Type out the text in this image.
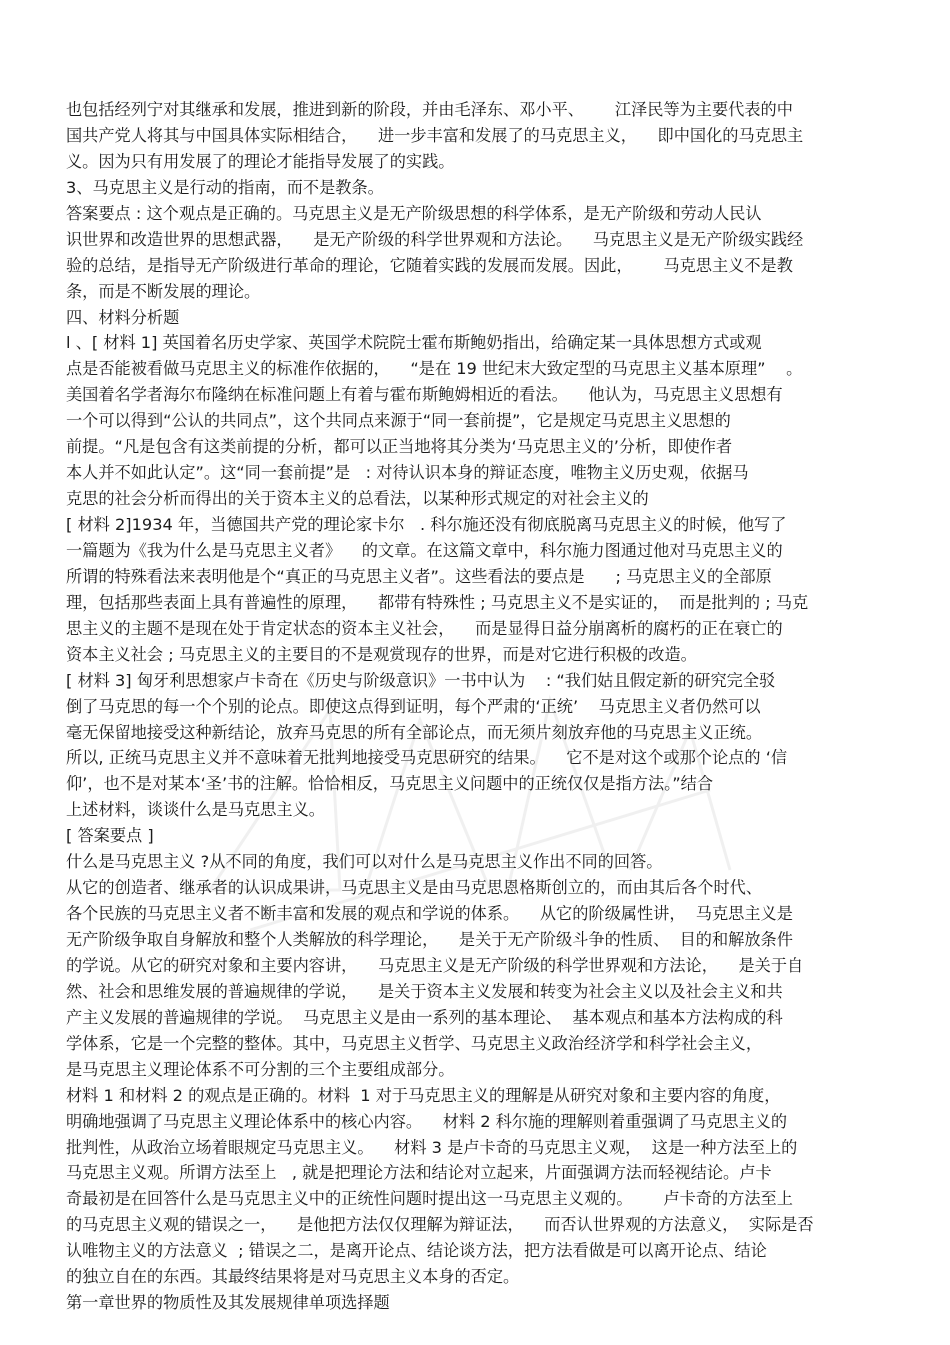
也包括经列宁对其继承和发展，推进到新的阶段，并由毛泽东、邓小平、      江泽民等为主要代表的中
国共产党人将其与中国具体实际相结合，    进一步丰富和发展了的马克思主义，    即中国化的马克思主
义。因为只有用发展了的理论才能指导发展了的实践。
3、马克思主义是行动的指南，而不是教条。
答案要点 : 这个观点是正确的。马克思主义是无产阶级思想的科学体系，是无产阶级和劳动人民认
识世界和改造世界的思想武器，    是无产阶级的科学世界观和方法论。    马克思主义是无产阶级实践经
验的总结，是指导无产阶级进行革命的理论，它随着实践的发展而发展。因此，      马克思主义不是教
条，而是不断发展的理论。
四、材料分析题
l 、[ 材料 1] 英国着名历史学家、英国学术院院士霍布斯鲍奶指出，给确定某一具体思想方式或观
点是否能被看做马克思主义的标准作依据的，    “是在 19 世纪末大致定型的马克思主义基本原理”    。
美国着名学者海尔布隆纳在标准问题上有着与霍布斯鲍姆相近的看法。    他认为，马克思主义思想有
一个可以得到“公认的共同点”，这个共同点来源于“同一套前提”，它是规定马克思主义思想的
前提。“凡是包含有这类前提的分析，都可以正当地将其分类为‘马克思主义的’分析，即使作者
本人并不如此认定”。这“同一套前提”是   : 对待认识本身的辩证态度，唯物主义历史观，依据马
克思的社会分析而得出的关于资本主义的总看法，以某种形式规定的对社会主义的
[ 材料 2]1934 年，当德国共产党的理论家卡尔   . 科尔施还没有彻底脱离马克思主义的时候，他写了
一篇题为《我为什么是马克思主义者》    的文章。在这篇文章中，科尔施力图通过他对马克思主义的
所谓的特殊看法来表明他是个“真正的马克思主义者”。这些看法的要点是      ; 马克思主义的全部原
理，包括那些表面上具有普遍性的原理，    都带有特殊性 ; 马克思主义不是实证的，  而是批判的 ; 马克
思主义的主题不是现在处于肯定状态的资本主义社会，    而是显得日益分崩离析的腐朽的正在衰亡的
资本主义社会 ; 马克思主义的主要目的不是观赏现存的世界，而是对它进行积极的改造。
[ 材料 3] 匈牙利思想家卢卡奇在《历史与阶级意识》一书中认为    : “我们姑且假定新的研究完全驳
倒了马克思的每一个个别的论点。即使这点得到证明，每个严肃的‘正统’    马克思主义者仍然可以
毫无保留地接受这种新结论，放弃马克思的所有全部论点，而无须片刻放弃他的马克思主义正统。
所以, 正统马克思主义并不意味着无批判地接受马克思研究的结果。    它不是对这个或那个论点的 ‘信
仰’，也不是对某本‘圣’书的注解。恰恰相反，马克思主义问题中的正统仅仅是指方法。”结合
上述材料，谈谈什么是马克思主义。
[ 答案要点 ]
什么是马克思主义 ?从不同的角度，我们可以对什么是马克思主义作出不同的回答。
从它的创造者、继承者的认识成果讲，马克思主义是由马克思恩格斯创立的，而由其后各个时代、
各个民族的马克思主义者不断丰富和发展的观点和学说的体系。    从它的阶级属性讲，  马克思主义是
无产阶级争取自身解放和整个人类解放的科学理论，    是关于无产阶级斗争的性质、  目的和解放条件
的学说。从它的研究对象和主要内容讲，    马克思主义是无产阶级的科学世界观和方法论，    是关于自
然、社会和思维发展的普遍规律的学说，    是关于资本主义发展和转变为社会主义以及社会主义和共
产主义发展的普遍规律的学说。  马克思主义是由一系列的基本理论、  基本观点和基本方法构成的科
学体系，它是一个完整的整体。其中，马克思主义哲学、马克思主义政治经济学和科学社会主义，
是马克思主义理论体系不可分割的三个主要组成部分。
材料 1 和材料 2 的观点是正确的。材料  1 对于马克思主义的理解是从研究对象和主要内容的角度，
明确地强调了马克思主义理论体系中的核心内容。    材料 2 科尔施的理解则着重强调了马克思主义的
批判性，从政治立场着眼规定马克思主义。    材料 3 是卢卡奇的马克思主义观，  这是一种方法至上的
马克思主义观。所谓方法至上   , 就是把理论方法和结论对立起来，片面强调方法而轻视结论。卢卡
奇最初是在回答什么是马克思主义中的正统性问题时提出这一马克思主义观的。      卢卡奇的方法至上
的马克思主义观的错误之一，    是他把方法仅仅理解为辩证法，    而否认世界观的方法意义，  实际是否
认唯物主义的方法意义  ; 错误之二，是离开论点、结论谈方法，把方法看做是可以离开论点、结论
的独立自在的东西。其最终结果将是对马克思主义本身的否定。
第一章世界的物质性及其发展规律单项选择题
